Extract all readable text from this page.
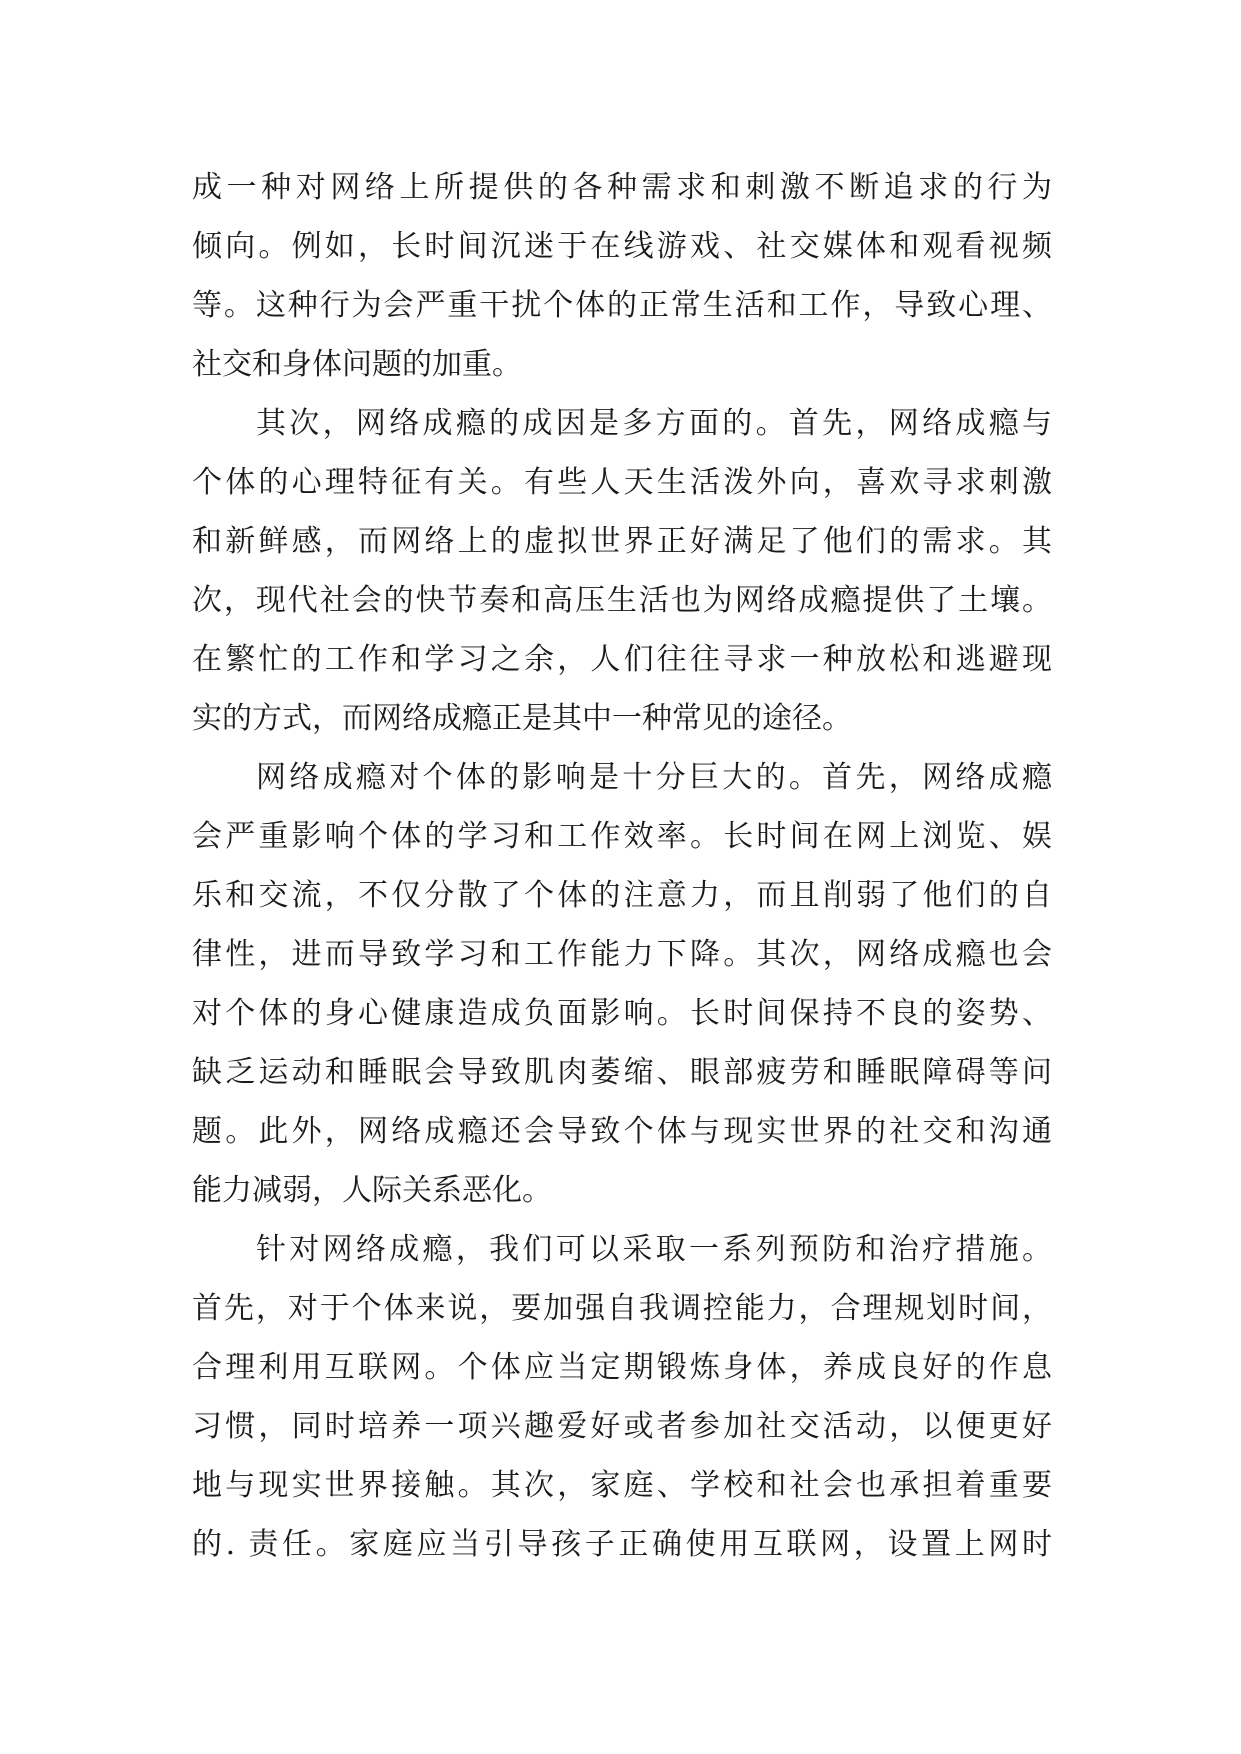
成一种对网络上所提供的各种需求和刺激不断追求的行为
倾向。例如，长时间沉迷于在线游戏、社交媒体和观看视频
等。这种行为会严重干扰个体的正常生活和工作，导致心理、
社交和身体问题的加重。
其次，网络成瘾的成因是多方面的。首先，网络成瘾与
个体的心理特征有关。有些人天生活泼外向，喜欢寻求刺激
和新鲜感，而网络上的虚拟世界正好满足了他们的需求。其
次，现代社会的快节奏和高压生活也为网络成瘾提供了土壤。
在繁忙的工作和学习之余，人们往往寻求一种放松和逃避现
实的方式，而网络成瘾正是其中一种常见的途径。
网络成瘾对个体的影响是十分巨大的。首先，网络成瘾
会严重影响个体的学习和工作效率。长时间在网上浏览、娱
乐和交流，不仅分散了个体的注意力，而且削弱了他们的自
律性，进而导致学习和工作能力下降。其次，网络成瘾也会
对个体的身心健康造成负面影响。长时间保持不良的姿势、
缺乏运动和睡眠会导致肌肉萎缩、眼部疲劳和睡眠障碍等问
题。此外，网络成瘾还会导致个体与现实世界的社交和沟通
能力减弱，人际关系恶化。
针对网络成瘾，我们可以采取一系列预防和治疗措施。
首先，对于个体来说，要加强自我调控能力，合理规划时间，
合理利用互联网。个体应当定期锻炼身体，养成良好的作息
习惯，同时培养一项兴趣爱好或者参加社交活动，以便更好
地与现实世界接触。其次，家庭、学校和社会也承担着重要
的. 责任。家庭应当引导孩子正确使用互联网，设置上网时
